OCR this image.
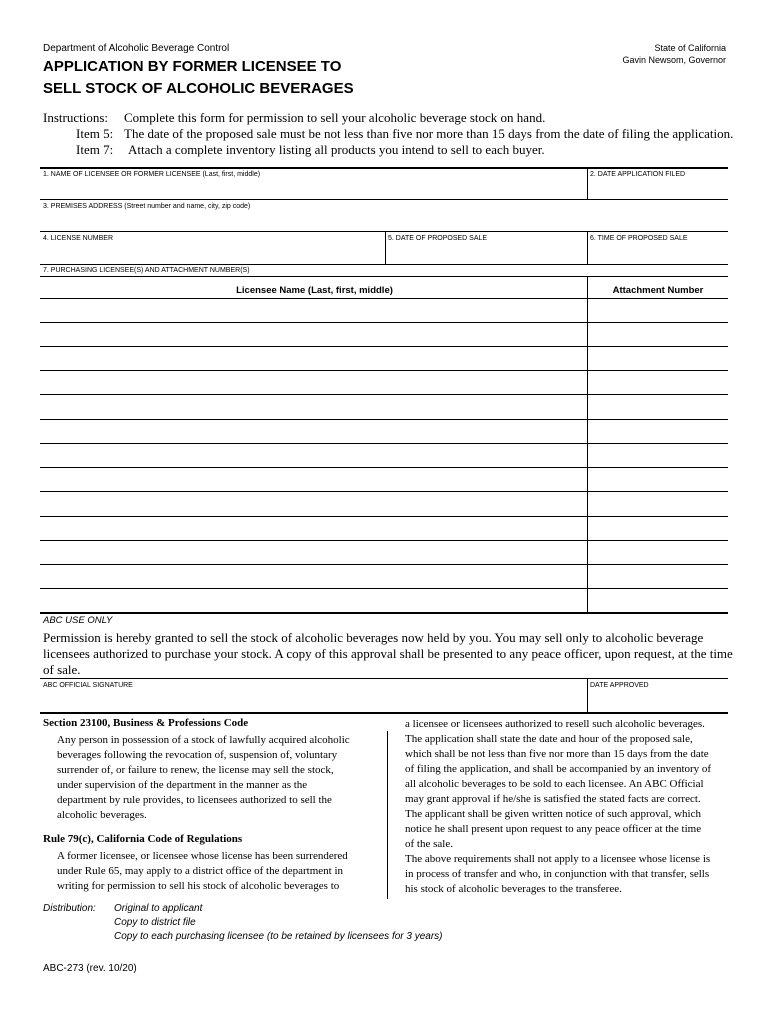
Department of Alcoholic Beverage Control	State of California
Gavin Newsom, Governor
APPLICATION BY FORMER LICENSEE TO
SELL STOCK OF ALCOHOLIC BEVERAGES
Instructions: Complete this form for permission to sell your alcoholic beverage stock on hand.
Item 5: The date of the proposed sale must be not less than five nor more than 15 days from the date of filing the application.
Item 7: Attach a complete inventory listing all products you intend to sell to each buyer.
1. NAME OF LICENSEE OR FORMER LICENSEE (Last, first, middle)	2. DATE APPLICATION FILED
3. PREMISES ADDRESS (Street number and name, city, zip code)
4. LICENSE NUMBER	5. DATE OF PROPOSED SALE	6. TIME OF PROPOSED SALE
7. PURCHASING LICENSEE(S) AND ATTACHMENT NUMBER(S)
Licensee Name (Last, first, middle)	Attachment Number
ABC USE ONLY
Permission is hereby granted to sell the stock of alcoholic beverages now held by you. You may sell only to alcoholic beverage
licensees authorized to purchase your stock. A copy of this approval shall be presented to any peace officer, upon request, at the time
of sale.
ABC OFFICIAL SIGNATURE	DATE APPROVED
Section 23100, Business & Professions Code
Any person in possession of a stock of lawfully acquired alcoholic
beverages following the revocation of, suspension of, voluntary
surrender of, or failure to renew, the license may sell the stock,
under supervision of the department in the manner as the
department by rule provides, to licensees authorized to sell the
alcoholic beverages.
Rule 79(c), California Code of Regulations
A former licensee, or licensee whose license has been surrendered
under Rule 65, may apply to a district office of the department in
writing for permission to sell his stock of alcoholic beverages to
a licensee or licensees authorized to resell such alcoholic beverages.
The application shall state the date and hour of the proposed sale,
which shall be not less than five nor more than 15 days from the date
of filing the application, and shall be accompanied by an inventory of
all alcoholic beverages to be sold to each licensee. An ABC Official
may grant approval if he/she is satisfied the stated facts are correct.
The applicant shall be given written notice of such approval, which
notice he shall present upon request to any peace officer at the time
of the sale.
The above requirements shall not apply to a licensee whose license is
in process of transfer and who, in conjunction with that transfer, sells
his stock of alcoholic beverages to the transferee.
Distribution: Original to applicant
Copy to district file
Copy to each purchasing licensee (to be retained by licensees for 3 years)
ABC-273 (rev. 10/20)
